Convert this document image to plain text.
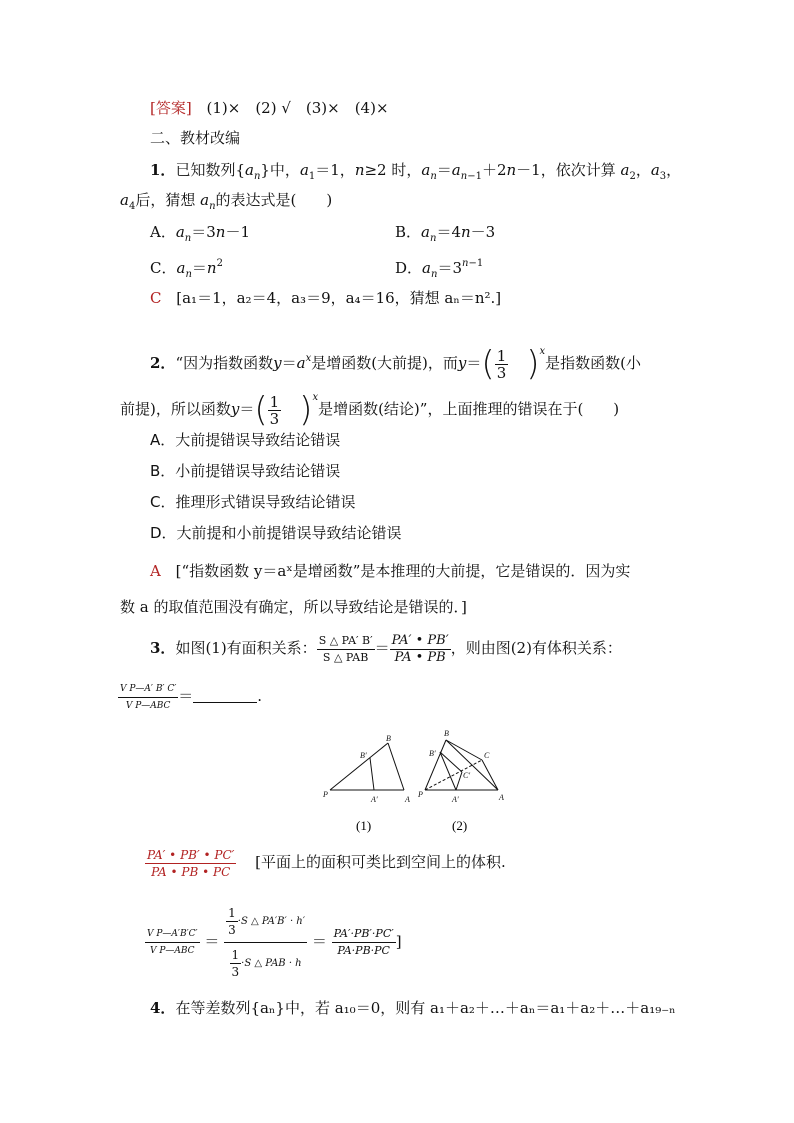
[答案] (1)×　(2) √　(3)×　(4)×
二、教材改编
1．已知数列$\{a_n\}$中，$a_1=1$，n≥2 时，$a_n=a_{n-1}+2n-1$，依次计算 $a_2$，$a_3$，
$a_4$后，猜想 $a_n$的表达式是(　　)
A．$a_n=3n-1$	B．$a_n=4n-3$
C．$a_n=n^2$	D．$a_n=3^{n-1}$
C [a₁＝1，a₂＝4，a₃＝9，a₄＝16，猜想 aₙ＝n².]
2．“因为指数函数$y=a^x$是增函数(大前提)，而$y=( \frac{1}{3} )^x$是指数函数(小
前提)，所以函数$y=( \frac{1}{3} )^x$是增函数(结论)”，上面推理的错误在于(　　)
A．大前提错误导致结论错误
B．小前提错误导致结论错误
C．推理形式错误导致结论错误
D．大前提和小前提错误导致结论错误
A [“指数函数 y＝aˣ是增函数”是本推理的大前提，它是错误的．因为实
数 a 的取值范围没有确定，所以导致结论是错误的．]
3．如图(1)有面积关系： $\frac{S \triangle PA' B'}{\text{S △ PAB}} = \frac{PA' • PB'}{PA • PB}$ ，则由图(2)有体积关系：
$\frac{\text{V P—A′ B′ C′}}{\text{V P—ABC}}$ ＝	.
P
A
B
A′
B′
(1)
P	A
B
C
A′
B′
C′
(2)
$\frac{PA' • PB' • PC'}{PA • PB • PC}$ [平面上的面积可类比到空间上的体积.
$\frac{\text{V P—A′B′C′}}{\text{V P—ABC}} = \frac{\frac{1}{3} \cdot S \triangle PA'B' \cdot h'}{\frac{1}{3} \cdot S \triangle PAB \cdot h} = \frac{PA'\cdot PB'\cdot PC'}{PA\cdot PB\cdot PC}$ ]
4．在等差数列{aₙ}中，若 a₁₀＝0，则有 a₁＋a₂＋…＋aₙ＝a₁＋a₂＋…＋a₁₉₋ₙ
